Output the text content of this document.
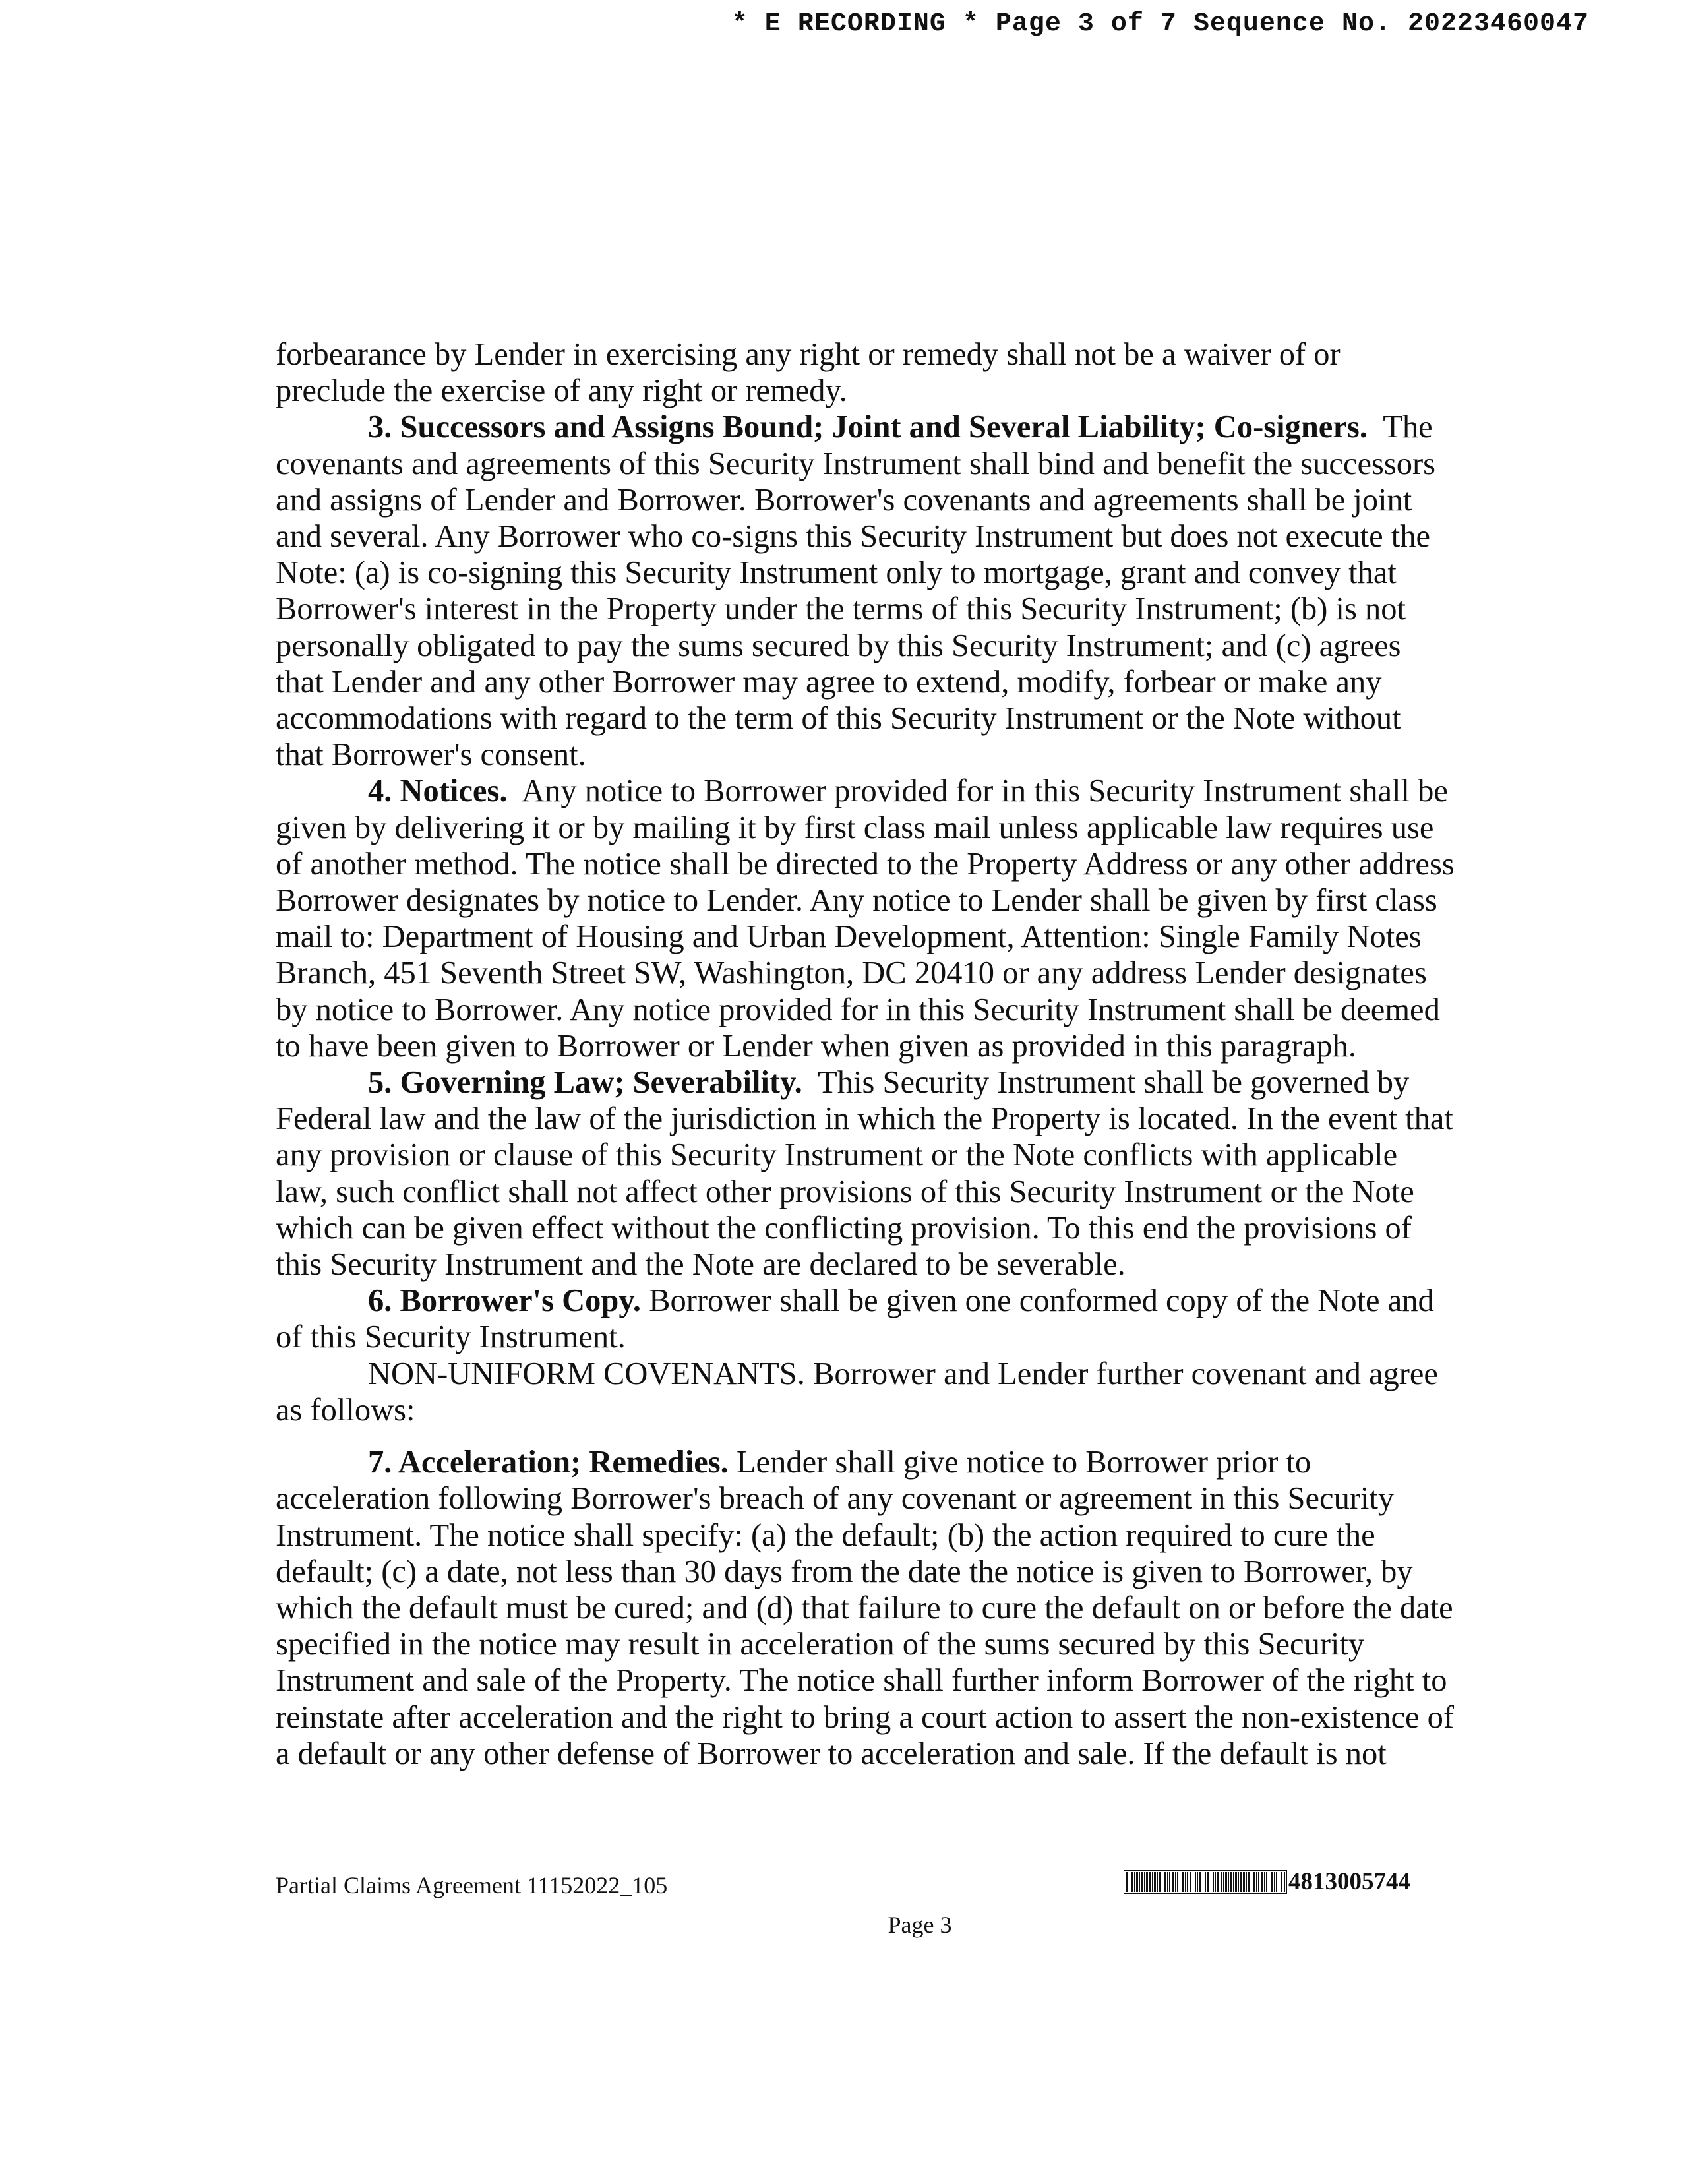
* E RECORDING * Page 3 of 7 Sequence No. 20223460047

forbearance by Lender in exercising any right or remedy shall not be a waiver of or preclude the exercise of any right or remedy.

3. Successors and Assigns Bound; Joint and Several Liability; Co-signers. The covenants and agreements of this Security Instrument shall bind and benefit the successors and assigns of Lender and Borrower. Borrower's covenants and agreements shall be joint and several. Any Borrower who co-signs this Security Instrument but does not execute the Note: (a) is co-signing this Security Instrument only to mortgage, grant and convey that Borrower's interest in the Property under the terms of this Security Instrument; (b) is not personally obligated to pay the sums secured by this Security Instrument; and (c) agrees that Lender and any other Borrower may agree to extend, modify, forbear or make any accommodations with regard to the term of this Security Instrument or the Note without that Borrower's consent.

4. Notices. Any notice to Borrower provided for in this Security Instrument shall be given by delivering it or by mailing it by first class mail unless applicable law requires use of another method. The notice shall be directed to the Property Address or any other address Borrower designates by notice to Lender. Any notice to Lender shall be given by first class mail to: Department of Housing and Urban Development, Attention: Single Family Notes Branch, 451 Seventh Street SW, Washington, DC 20410 or any address Lender designates by notice to Borrower. Any notice provided for in this Security Instrument shall be deemed to have been given to Borrower or Lender when given as provided in this paragraph.

5. Governing Law; Severability. This Security Instrument shall be governed by Federal law and the law of the jurisdiction in which the Property is located. In the event that any provision or clause of this Security Instrument or the Note conflicts with applicable law, such conflict shall not affect other provisions of this Security Instrument or the Note which can be given effect without the conflicting provision. To this end the provisions of this Security Instrument and the Note are declared to be severable.

6. Borrower's Copy. Borrower shall be given one conformed copy of the Note and of this Security Instrument.

NON-UNIFORM COVENANTS. Borrower and Lender further covenant and agree as follows:

7. Acceleration; Remedies. Lender shall give notice to Borrower prior to acceleration following Borrower's breach of any covenant or agreement in this Security Instrument. The notice shall specify: (a) the default; (b) the action required to cure the default; (c) a date, not less than 30 days from the date the notice is given to Borrower, by which the default must be cured; and (d) that failure to cure the default on or before the date specified in the notice may result in acceleration of the sums secured by this Security Instrument and sale of the Property. The notice shall further inform Borrower of the right to reinstate after acceleration and the right to bring a court action to assert the non-existence of a default or any other defense of Borrower to acceleration and sale. If the default is not

Partial Claims Agreement 11152022_105	4813005744
Page 3
